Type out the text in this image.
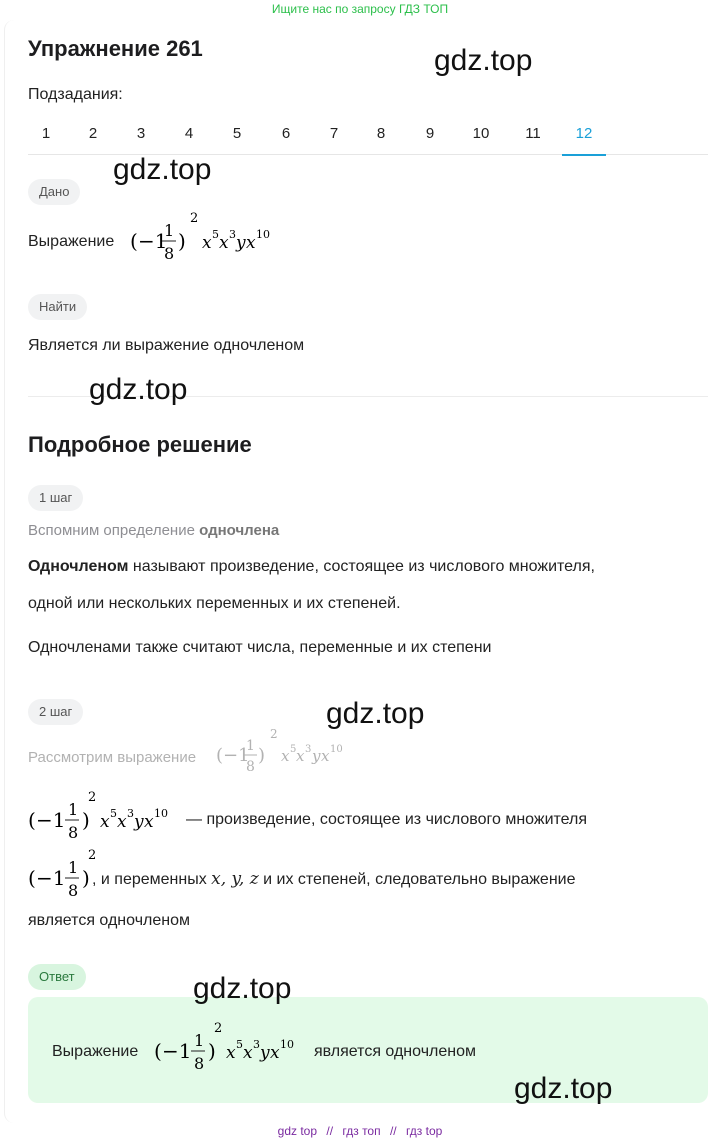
Ищите нас по запросу ГДЗ ТОП
Упражнение 261
Подзадания:
1	2	3	4	5	6	7	8	9	10	11	12
Дано
Выражение ( −1
1
8
)
2
x 5 x 3 y x 10
Найти
Является ли выражение одночленом
Подробное решение
1 шаг
Вспомним определение одночлена
Одночленом называют произведение, состоящее из числового множителя,
одной или нескольких переменных и их степеней.
Одночленами также считают числа, переменные и их степени
2 шаг
Рассмотрим выражение ( −1
1
8
)
2
x 5 x 3 y x 10
( −1 1
8
)
2
x 5 x 3 y x 10 — произведение, состоящее из числового множителя
( −1 1
8
)
2
, и переменных x, y, z и их степеней, следовательно выражение
является одночленом
Ответ
Выражение ( −1 1
8
)
2
x 5 x 3 y x 10 является одночленом
gdz.top
gdz.top
gdz.top
gdz.top
gdz.top
gdz.top
gdz top // гдз топ // гдз top
